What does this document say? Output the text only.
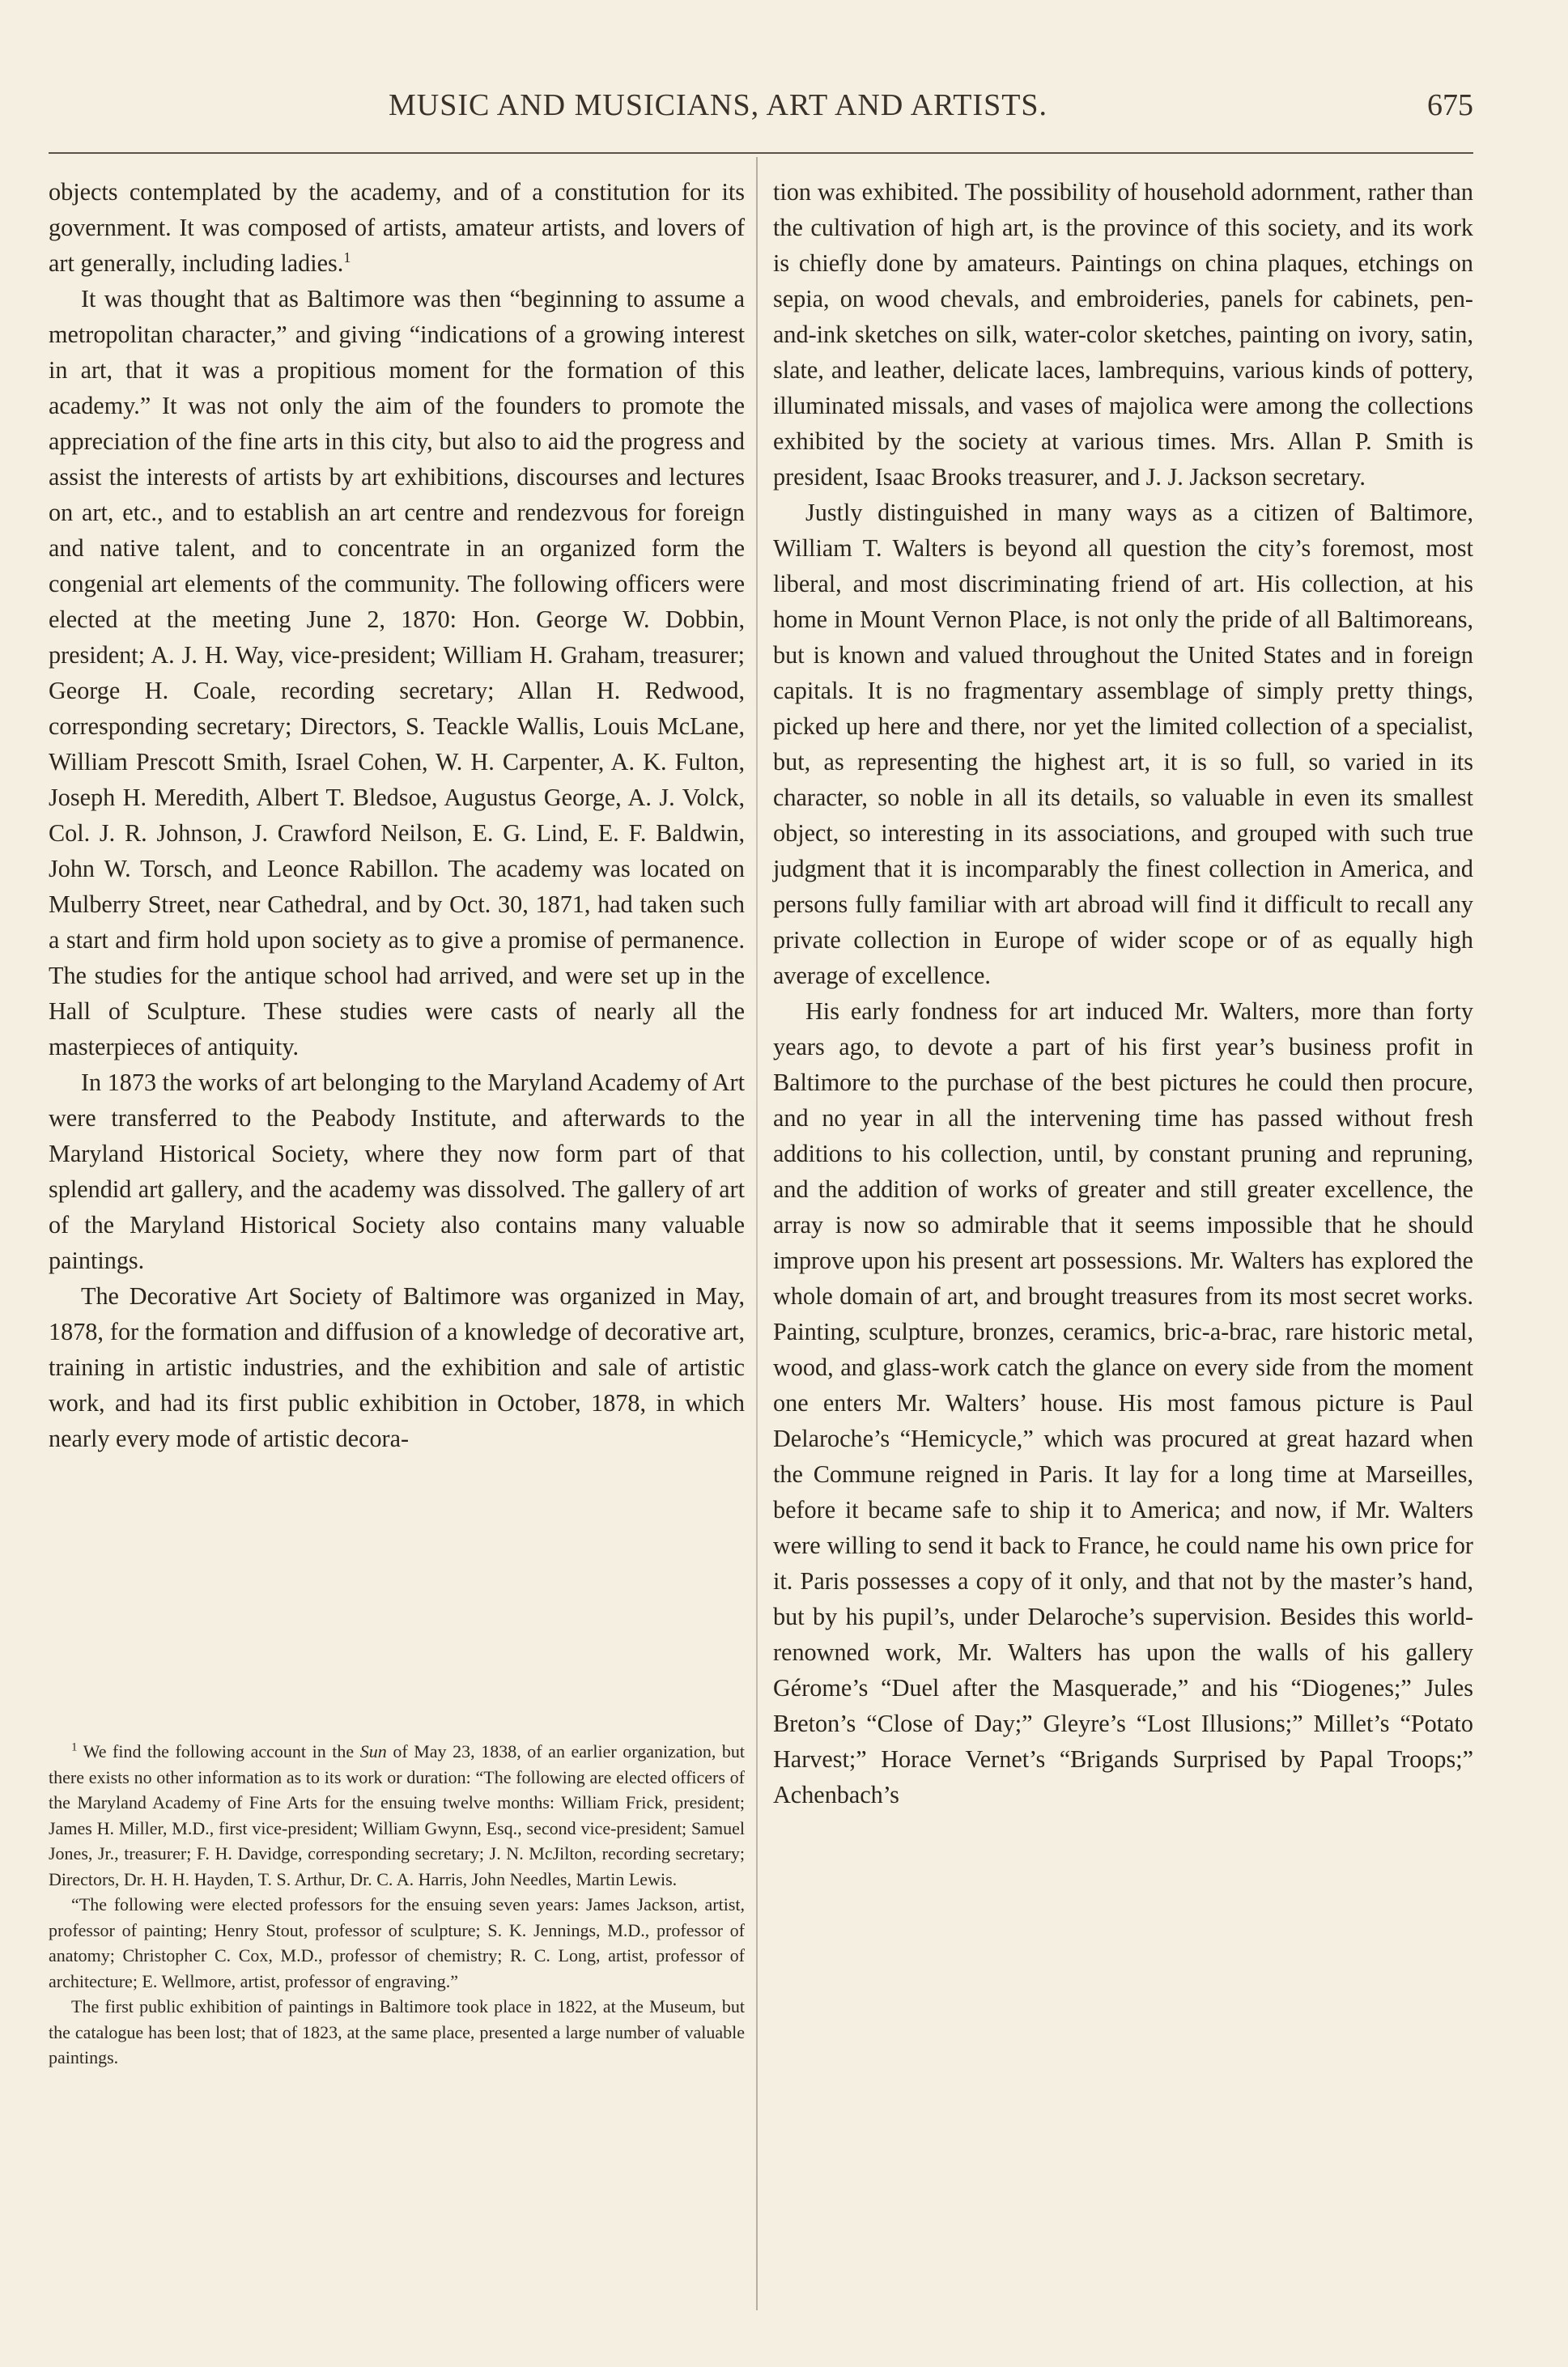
MUSIC AND MUSICIANS, ART AND ARTISTS.	675

objects contemplated by the academy, and of a constitution for its government. It was composed of artists, amateur artists, and lovers of art generally, including ladies.$^1$

It was thought that as Baltimore was then “beginning to assume a metropolitan character,” and giving “indications of a growing interest in art, that it was a propitious moment for the formation of this academy.” It was not only the aim of the founders to promote the appreciation of the fine arts in this city, but also to aid the progress and assist the interests of artists by art exhibitions, discourses and lectures on art, etc., and to establish an art centre and rendezvous for foreign and native talent, and to concentrate in an organized form the congenial art elements of the community. The following officers were elected at the meeting June 2, 1870: Hon. George W. Dobbin, president; A. J. H. Way, vice-president; William H. Graham, treasurer; George H. Coale, recording secretary; Allan H. Redwood, corresponding secretary; Directors, S. Teackle Wallis, Louis McLane, William Prescott Smith, Israel Cohen, W. H. Carpenter, A. K. Fulton, Joseph H. Meredith, Albert T. Bledsoe, Augustus George, A. J. Volck, Col. J. R. Johnson, J. Crawford Neilson, E. G. Lind, E. F. Baldwin, John W. Torsch, and Leonce Rabillon. The academy was located on Mulberry Street, near Cathedral, and by Oct. 30, 1871, had taken such a start and firm hold upon society as to give a promise of permanence. The studies for the antique school had arrived, and were set up in the Hall of Sculpture. These studies were casts of nearly all the masterpieces of antiquity.

In 1873 the works of art belonging to the Maryland Academy of Art were transferred to the Peabody Institute, and afterwards to the Maryland Historical Society, where they now form part of that splendid art gallery, and the academy was dissolved. The gallery of art of the Maryland Historical Society also contains many valuable paintings.

The Decorative Art Society of Baltimore was organized in May, 1878, for the formation and diffusion of a knowledge of decorative art, training in artistic industries, and the exhibition and sale of artistic work, and had its first public exhibition in October, 1878, in which nearly every mode of artistic decora-

$^1$ We find the following account in the Sun of May 23, 1838, of an earlier organization, but there exists no other information as to its work or duration: “The following are elected officers of the Maryland Academy of Fine Arts for the ensuing twelve months: William Frick, president; James H. Miller, M.D., first vice-president; William Gwynn, Esq., second vice-president; Samuel Jones, Jr., treasurer; F. H. Davidge, corresponding secretary; J. N. McJilton, recording secretary; Directors, Dr. H. H. Hayden, T. S. Arthur, Dr. C. A. Harris, John Needles, Martin Lewis.

“The following were elected professors for the ensuing seven years: James Jackson, artist, professor of painting; Henry Stout, professor of sculpture; S. K. Jennings, M.D., professor of anatomy; Christopher C. Cox, M.D., professor of chemistry; R. C. Long, artist, professor of architecture; E. Wellmore, artist, professor of engraving.”

The first public exhibition of paintings in Baltimore took place in 1822, at the Museum, but the catalogue has been lost; that of 1823, at the same place, presented a large number of valuable paintings.

tion was exhibited. The possibility of household adornment, rather than the cultivation of high art, is the province of this society, and its work is chiefly done by amateurs. Paintings on china plaques, etchings on sepia, on wood chevals, and embroideries, panels for cabinets, pen-and-ink sketches on silk, water-color sketches, painting on ivory, satin, slate, and leather, delicate laces, lambrequins, various kinds of pottery, illuminated missals, and vases of majolica were among the collections exhibited by the society at various times. Mrs. Allan P. Smith is president, Isaac Brooks treasurer, and J. J. Jackson secretary.

Justly distinguished in many ways as a citizen of Baltimore, William T. Walters is beyond all question the city’s foremost, most liberal, and most discriminating friend of art. His collection, at his home in Mount Vernon Place, is not only the pride of all Baltimoreans, but is known and valued throughout the United States and in foreign capitals. It is no fragmentary assemblage of simply pretty things, picked up here and there, nor yet the limited collection of a specialist, but, as representing the highest art, it is so full, so varied in its character, so noble in all its details, so valuable in even its smallest object, so interesting in its associations, and grouped with such true judgment that it is incomparably the finest collection in America, and persons fully familiar with art abroad will find it difficult to recall any private collection in Europe of wider scope or of as equally high average of excellence.

His early fondness for art induced Mr. Walters, more than forty years ago, to devote a part of his first year’s business profit in Baltimore to the purchase of the best pictures he could then procure, and no year in all the intervening time has passed without fresh additions to his collection, until, by constant pruning and repruning, and the addition of works of greater and still greater excellence, the array is now so admirable that it seems impossible that he should improve upon his present art possessions. Mr. Walters has explored the whole domain of art, and brought treasures from its most secret works. Painting, sculpture, bronzes, ceramics, bric-a-brac, rare historic metal, wood, and glass-work catch the glance on every side from the moment one enters Mr. Walters’ house. His most famous picture is Paul Delaroche’s “Hemicycle,” which was procured at great hazard when the Commune reigned in Paris. It lay for a long time at Marseilles, before it became safe to ship it to America; and now, if Mr. Walters were willing to send it back to France, he could name his own price for it. Paris possesses a copy of it only, and that not by the master’s hand, but by his pupil’s, under Delaroche’s supervision. Besides this world-renowned work, Mr. Walters has upon the walls of his gallery Gérome’s “Duel after the Masquerade,” and his “Diogenes;” Jules Breton’s “Close of Day;” Gleyre’s “Lost Illusions;” Millet’s “Potato Harvest;” Horace Vernet’s “Brigands Surprised by Papal Troops;” Achenbach’s
